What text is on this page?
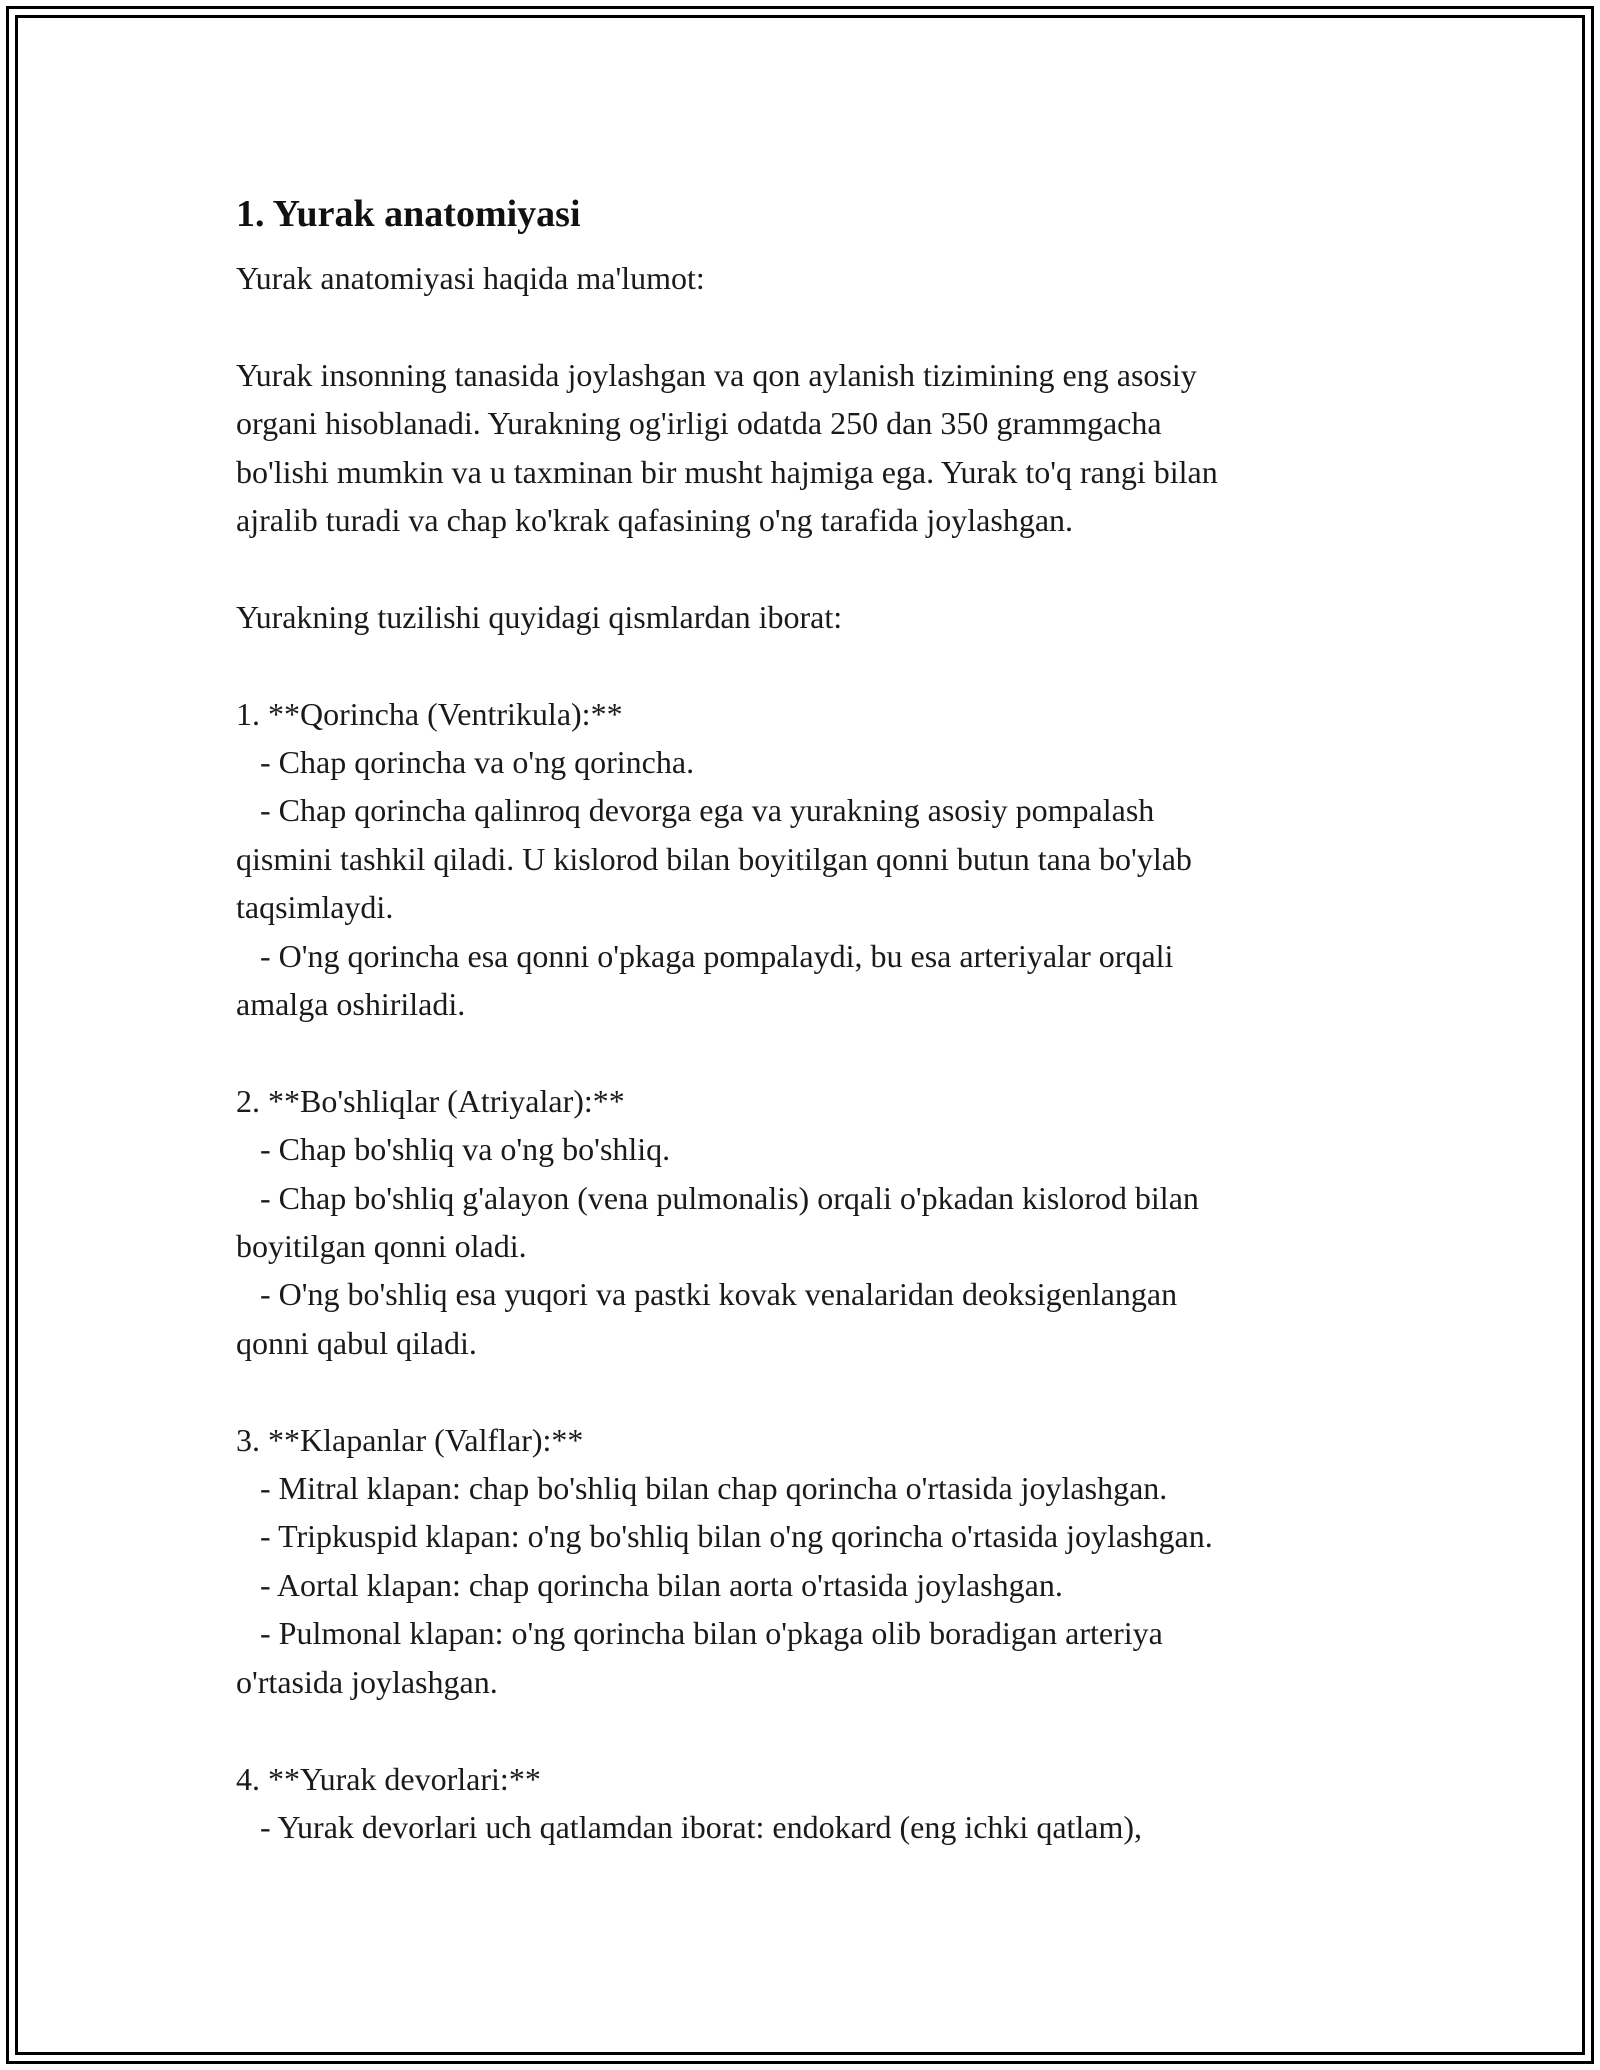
1. Yurak anatomiyasi

Yurak anatomiyasi haqida ma'lumot:

Yurak insonning tanasida joylashgan va qon aylanish tizimining eng asosiy

organi hisoblanadi. Yurakning og'irligi odatda 250 dan 350 grammgacha

bo'lishi mumkin va u taxminan bir musht hajmiga ega. Yurak to'q rangi bilan

ajralib turadi va chap ko'krak qafasining o'ng tarafida joylashgan.

Yurakning tuzilishi quyidagi qismlardan iborat:

1. **Qorincha (Ventrikula):**

- Chap qorincha va o'ng qorincha.

- Chap qorincha qalinroq devorga ega va yurakning asosiy pompalash

qismini tashkil qiladi. U kislorod bilan boyitilgan qonni butun tana bo'ylab

taqsimlaydi.

- O'ng qorincha esa qonni o'pkaga pompalaydi, bu esa arteriyalar orqali

amalga oshiriladi.

2. **Bo'shliqlar (Atriyalar):**

- Chap bo'shliq va o'ng bo'shliq.

- Chap bo'shliq g'alayon (vena pulmonalis) orqali o'pkadan kislorod bilan

boyitilgan qonni oladi.

- O'ng bo'shliq esa yuqori va pastki kovak venalaridan deoksigenlangan

qonni qabul qiladi.

3. **Klapanlar (Valflar):**

- Mitral klapan: chap bo'shliq bilan chap qorincha o'rtasida joylashgan.

- Tripkuspid klapan: o'ng bo'shliq bilan o'ng qorincha o'rtasida joylashgan.

- Aortal klapan: chap qorincha bilan aorta o'rtasida joylashgan.

- Pulmonal klapan: o'ng qorincha bilan o'pkaga olib boradigan arteriya

o'rtasida joylashgan.

4. **Yurak devorlari:**

- Yurak devorlari uch qatlamdan iborat: endokard (eng ichki qatlam),
